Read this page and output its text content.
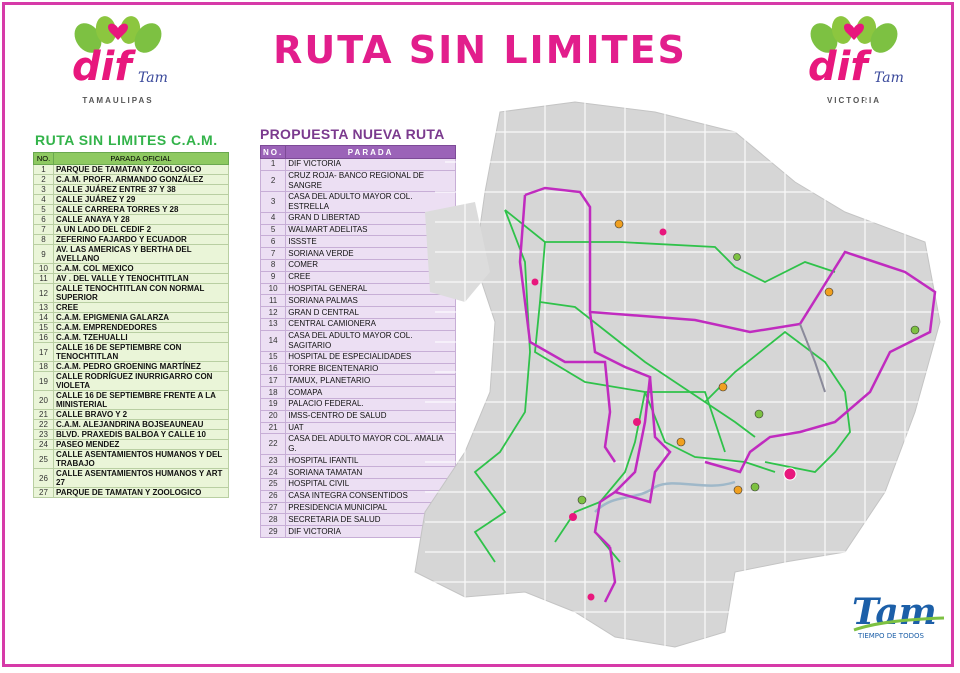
dif Tam
TAMAULIPAS
RUTA SIN LIMITES	dif Tam
VICTORIA
RUTA SIN LIMITES C.A.M.
NO.	PARADA OFICIAL
1	PARQUE DE TAMATAN Y ZOOLOGICO
2	C.A.M. PROFR. ARMANDO GONZÁLEZ
3	CALLE JUÁREZ ENTRE 37 Y 38
4	CALLE JUÁREZ Y 29
5	CALLE CARRERA TORRES Y 28
6	CALLE ANAYA Y 28
7	A UN LADO DEL CEDIF 2
8	ZEFERINO FAJARDO Y ECUADOR
9	AV. LAS AMERICAS Y BERTHA DEL AVELLANO
10	C.A.M. COL MEXICO
11	AV . DEL VALLE Y TENOCHTITLAN
12	CALLE TENOCHTITLAN CON NORMAL SUPERIOR
13	CREE
14	C.A.M. EPIGMENIA GALARZA
15	C.A.M. EMPRENDEDORES
16	C.A.M. TZEHUALLI
17	CALLE 16 DE SEPTIEMBRE CON TENOCHTITLAN
18	C.A.M. PEDRO GROENING MARTÍNEZ
19	CALLE RODRÍGUEZ INURRIGARRO CON VIOLETA
20	CALLE 16 DE SEPTIEMBRE FRENTE A LA MINISTERIAL
21	CALLE BRAVO Y 2
22	C.A.M. ALEJANDRINA BOJSEAUNEAU
23	BLVD. PRAXEDIS BALBOA Y CALLE 10
24	PASEO MENDEZ
25	CALLE ASENTAMIENTOS HUMANOS Y DEL TRABAJO
26	CALLE ASENTAMIENTOS HUMANOS Y ART 27
27	PARQUE DE TAMATAN Y ZOOLOGICO
PROPUESTA NUEVA RUTA
NO.	PARADA
1	DIF VICTORIA
2	CRUZ ROJA- BANCO REGIONAL DE SANGRE
3	CASA DEL ADULTO MAYOR COL. ESTRELLA
4	GRAN D LIBERTAD
5	WALMART ADELITAS
6	ISSSTE
7	SORIANA VERDE
8	COMER
9	CREE
10	HOSPITAL GENERAL
11	SORIANA PALMAS
12	GRAN D CENTRAL
13	CENTRAL CAMIONERA
14	CASA DEL ADULTO MAYOR COL. SAGITARIO
15	HOSPITAL DE ESPECIALIDADES
16	TORRE BICENTENARIO
17	TAMUX, PLANETARIO
18	COMAPA
19	PALACIO FEDERAL.
20	IMSS-CENTRO DE SALUD
21	UAT
22	CASA DEL ADULTO MAYOR COL. AMALIA G.
23	HOSPITAL IFANTIL
24	SORIANA TAMATAN
25	HOSPITAL CIVIL
26	CASA INTEGRA CONSENTIDOS
27	PRESIDENCIA MUNICIPAL
28	SECRETARIA DE SALUD
29	DIF VICTORIA
Tam
TIEMPO DE TODOS
